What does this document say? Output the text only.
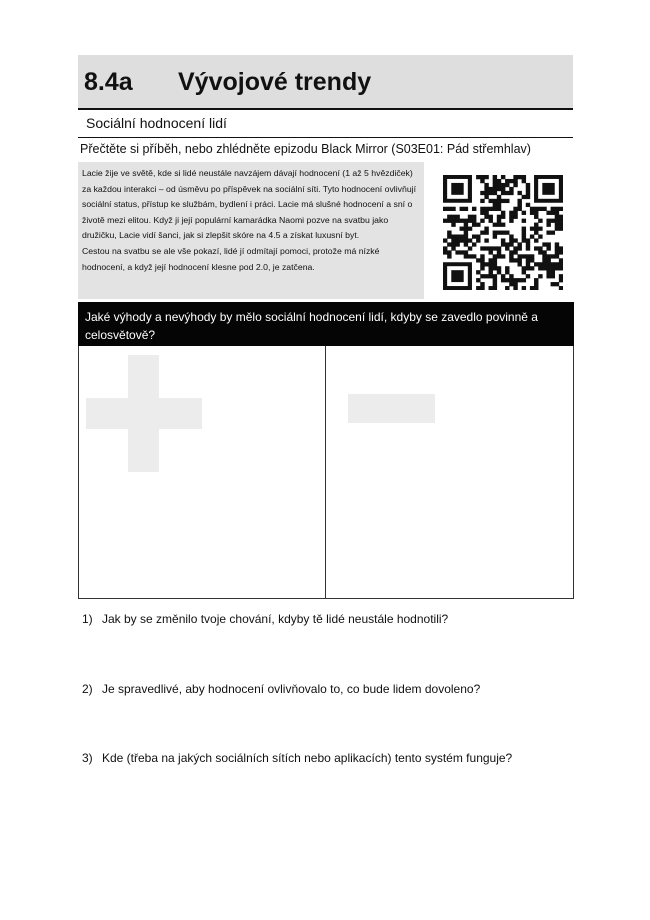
8.4a Vývojové trendy
Sociální hodnocení lidí
Přečtěte si příběh, nebo zhlédněte epizodu Black Mirror (S03E01: Pád střemhlav)

Lacie žije ve světě, kde si lidé neustále navzájem dávají hodnocení (1 až 5 hvězdiček) za každou interakci – od úsměvu po příspěvek na sociální síti. Tyto hodnocení ovlivňují sociální status, přístup ke službám, bydlení i práci. Lacie má slušné hodnocení a sní o životě mezi elitou. Když ji její populární kamarádka Naomi pozve na svatbu jako družičku, Lacie vidí šanci, jak si zlepšit skóre na 4.5 a získat luxusní byt.

Cestou na svatbu se ale vše pokazí, lidé jí odmítají pomoci, protože má nízké hodnocení, a když její hodnocení klesne pod 2.0, je zatčena.

Jaké výhody a nevýhody by mělo sociální hodnocení lidí, kdyby se zavedlo povinně a celosvětově?
1) Jak by se změnilo tvoje chování, kdyby tě lidé neustále hodnotili?
2) Je spravedlivé, aby hodnocení ovlivňovalo to, co bude lidem dovoleno?
3) Kde (třeba na jakých sociálních sítích nebo aplikacích) tento systém funguje?
